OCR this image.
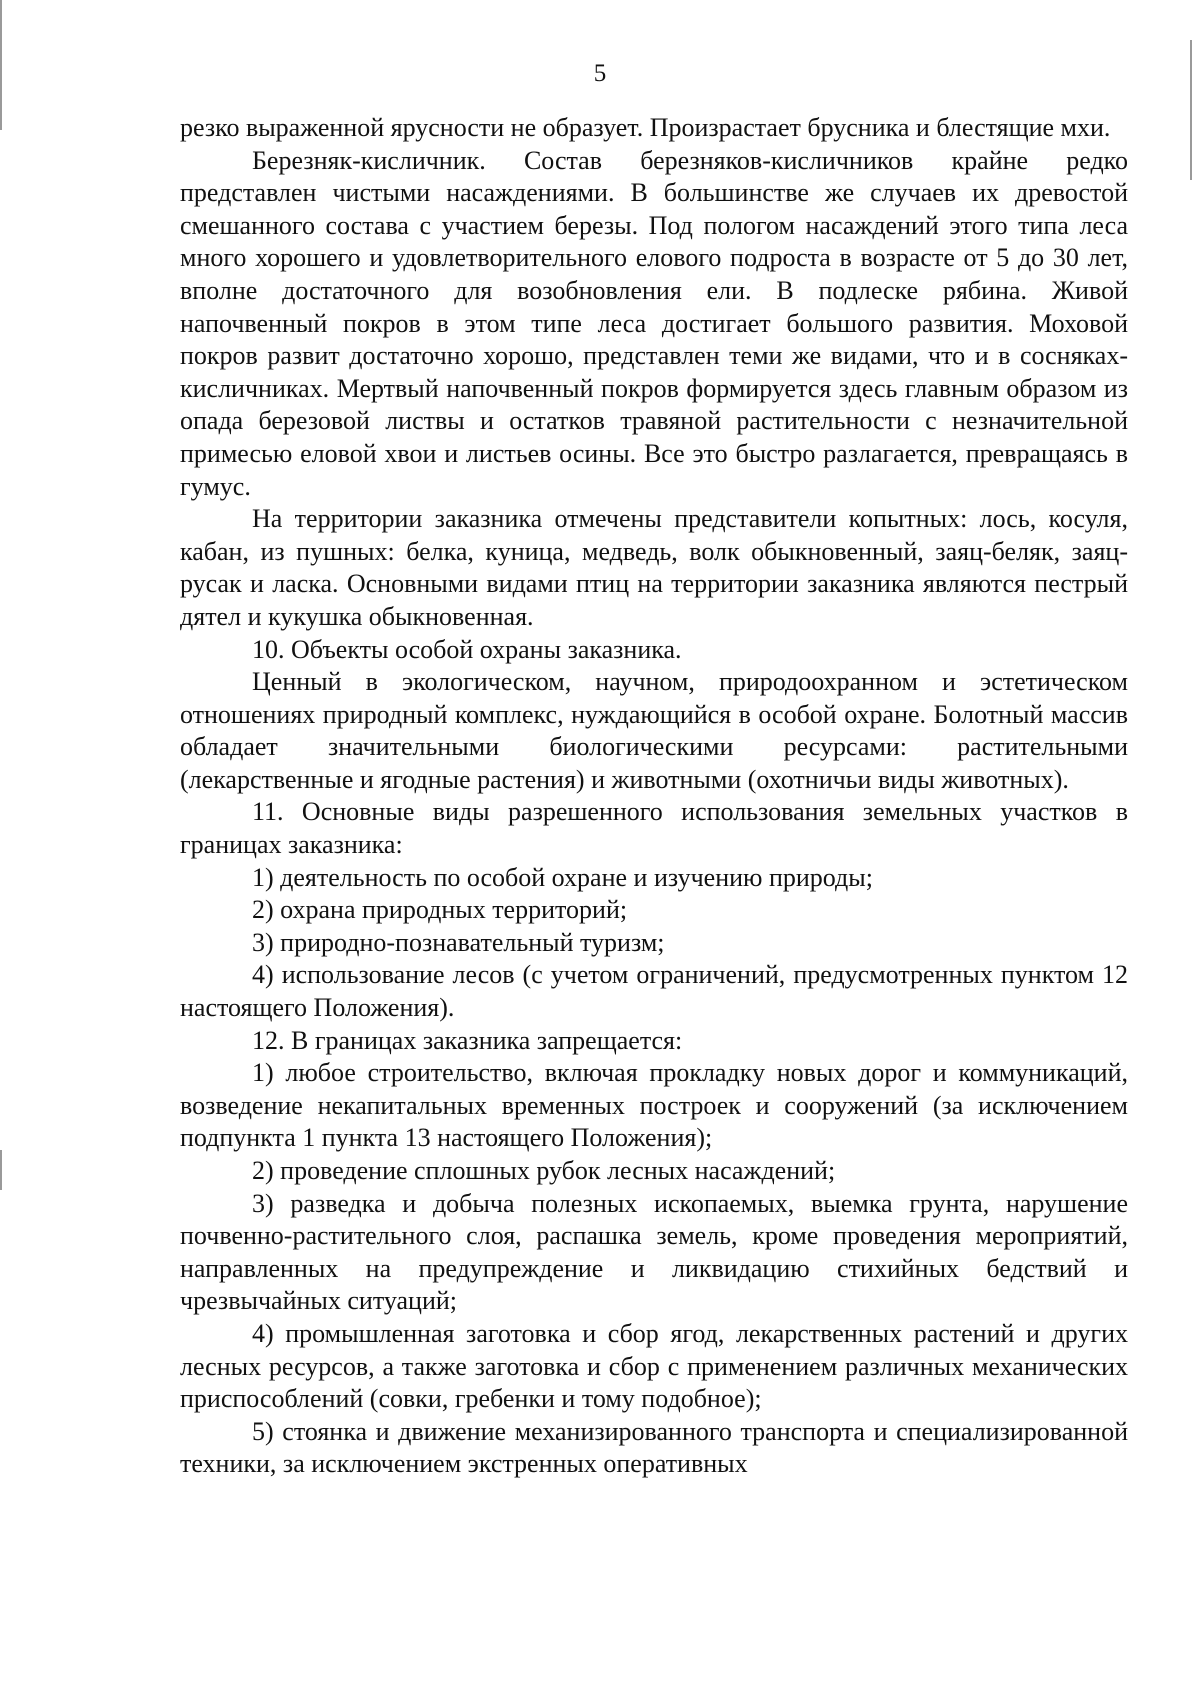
5

резко выраженной ярусности не образует. Произрастает брусника и блестящие мхи.

Березняк-кисличник. Состав березняков-кисличников крайне редко представлен чистыми насаждениями. В большинстве же случаев их древостой смешанного состава с участием березы. Под пологом насаждений этого типа леса много хорошего и удовлетворительного елового подроста в возрасте от 5 до 30 лет, вполне достаточного для возобновления ели. В подлеске рябина. Живой напочвенный покров в этом типе леса достигает большого развития. Моховой покров развит достаточно хорошо, представлен теми же видами, что и в сосняках-кисличниках. Мертвый напочвенный покров формируется здесь главным образом из опада березовой листвы и остатков травяной растительности с незначительной примесью еловой хвои и листьев осины. Все это быстро разлагается, превращаясь в гумус.

На территории заказника отмечены представители копытных: лось, косуля, кабан, из пушных: белка, куница, медведь, волк обыкновенный, заяц-беляк, заяц-русак и ласка. Основными видами птиц на территории заказника являются пестрый дятел и кукушка обыкновенная.

10. Объекты особой охраны заказника.

Ценный в экологическом, научном, природоохранном и эстетическом отношениях природный комплекс, нуждающийся в особой охране. Болотный массив обладает значительными биологическими ресурсами: растительными (лекарственные и ягодные растения) и животными (охотничьи виды животных).

11. Основные виды разрешенного использования земельных участков в границах заказника:

1) деятельность по особой охране и изучению природы;

2) охрана природных территорий;

3) природно-познавательный туризм;

4) использование лесов (с учетом ограничений, предусмотренных пунктом 12 настоящего Положения).

12. В границах заказника запрещается:

1) любое строительство, включая прокладку новых дорог и коммуникаций, возведение некапитальных временных построек и сооружений (за исключением подпункта 1 пункта 13 настоящего Положения);

2) проведение сплошных рубок лесных насаждений;

3) разведка и добыча полезных ископаемых, выемка грунта, нарушение почвенно-растительного слоя, распашка земель, кроме проведения мероприятий, направленных на предупреждение и ликвидацию стихийных бедствий и чрезвычайных ситуаций;

4) промышленная заготовка и сбор ягод, лекарственных растений и других лесных ресурсов, а также заготовка и сбор с применением различных механических приспособлений (совки, гребенки и тому подобное);

5) стоянка и движение механизированного транспорта и специализированной техники, за исключением экстренных оперативных
